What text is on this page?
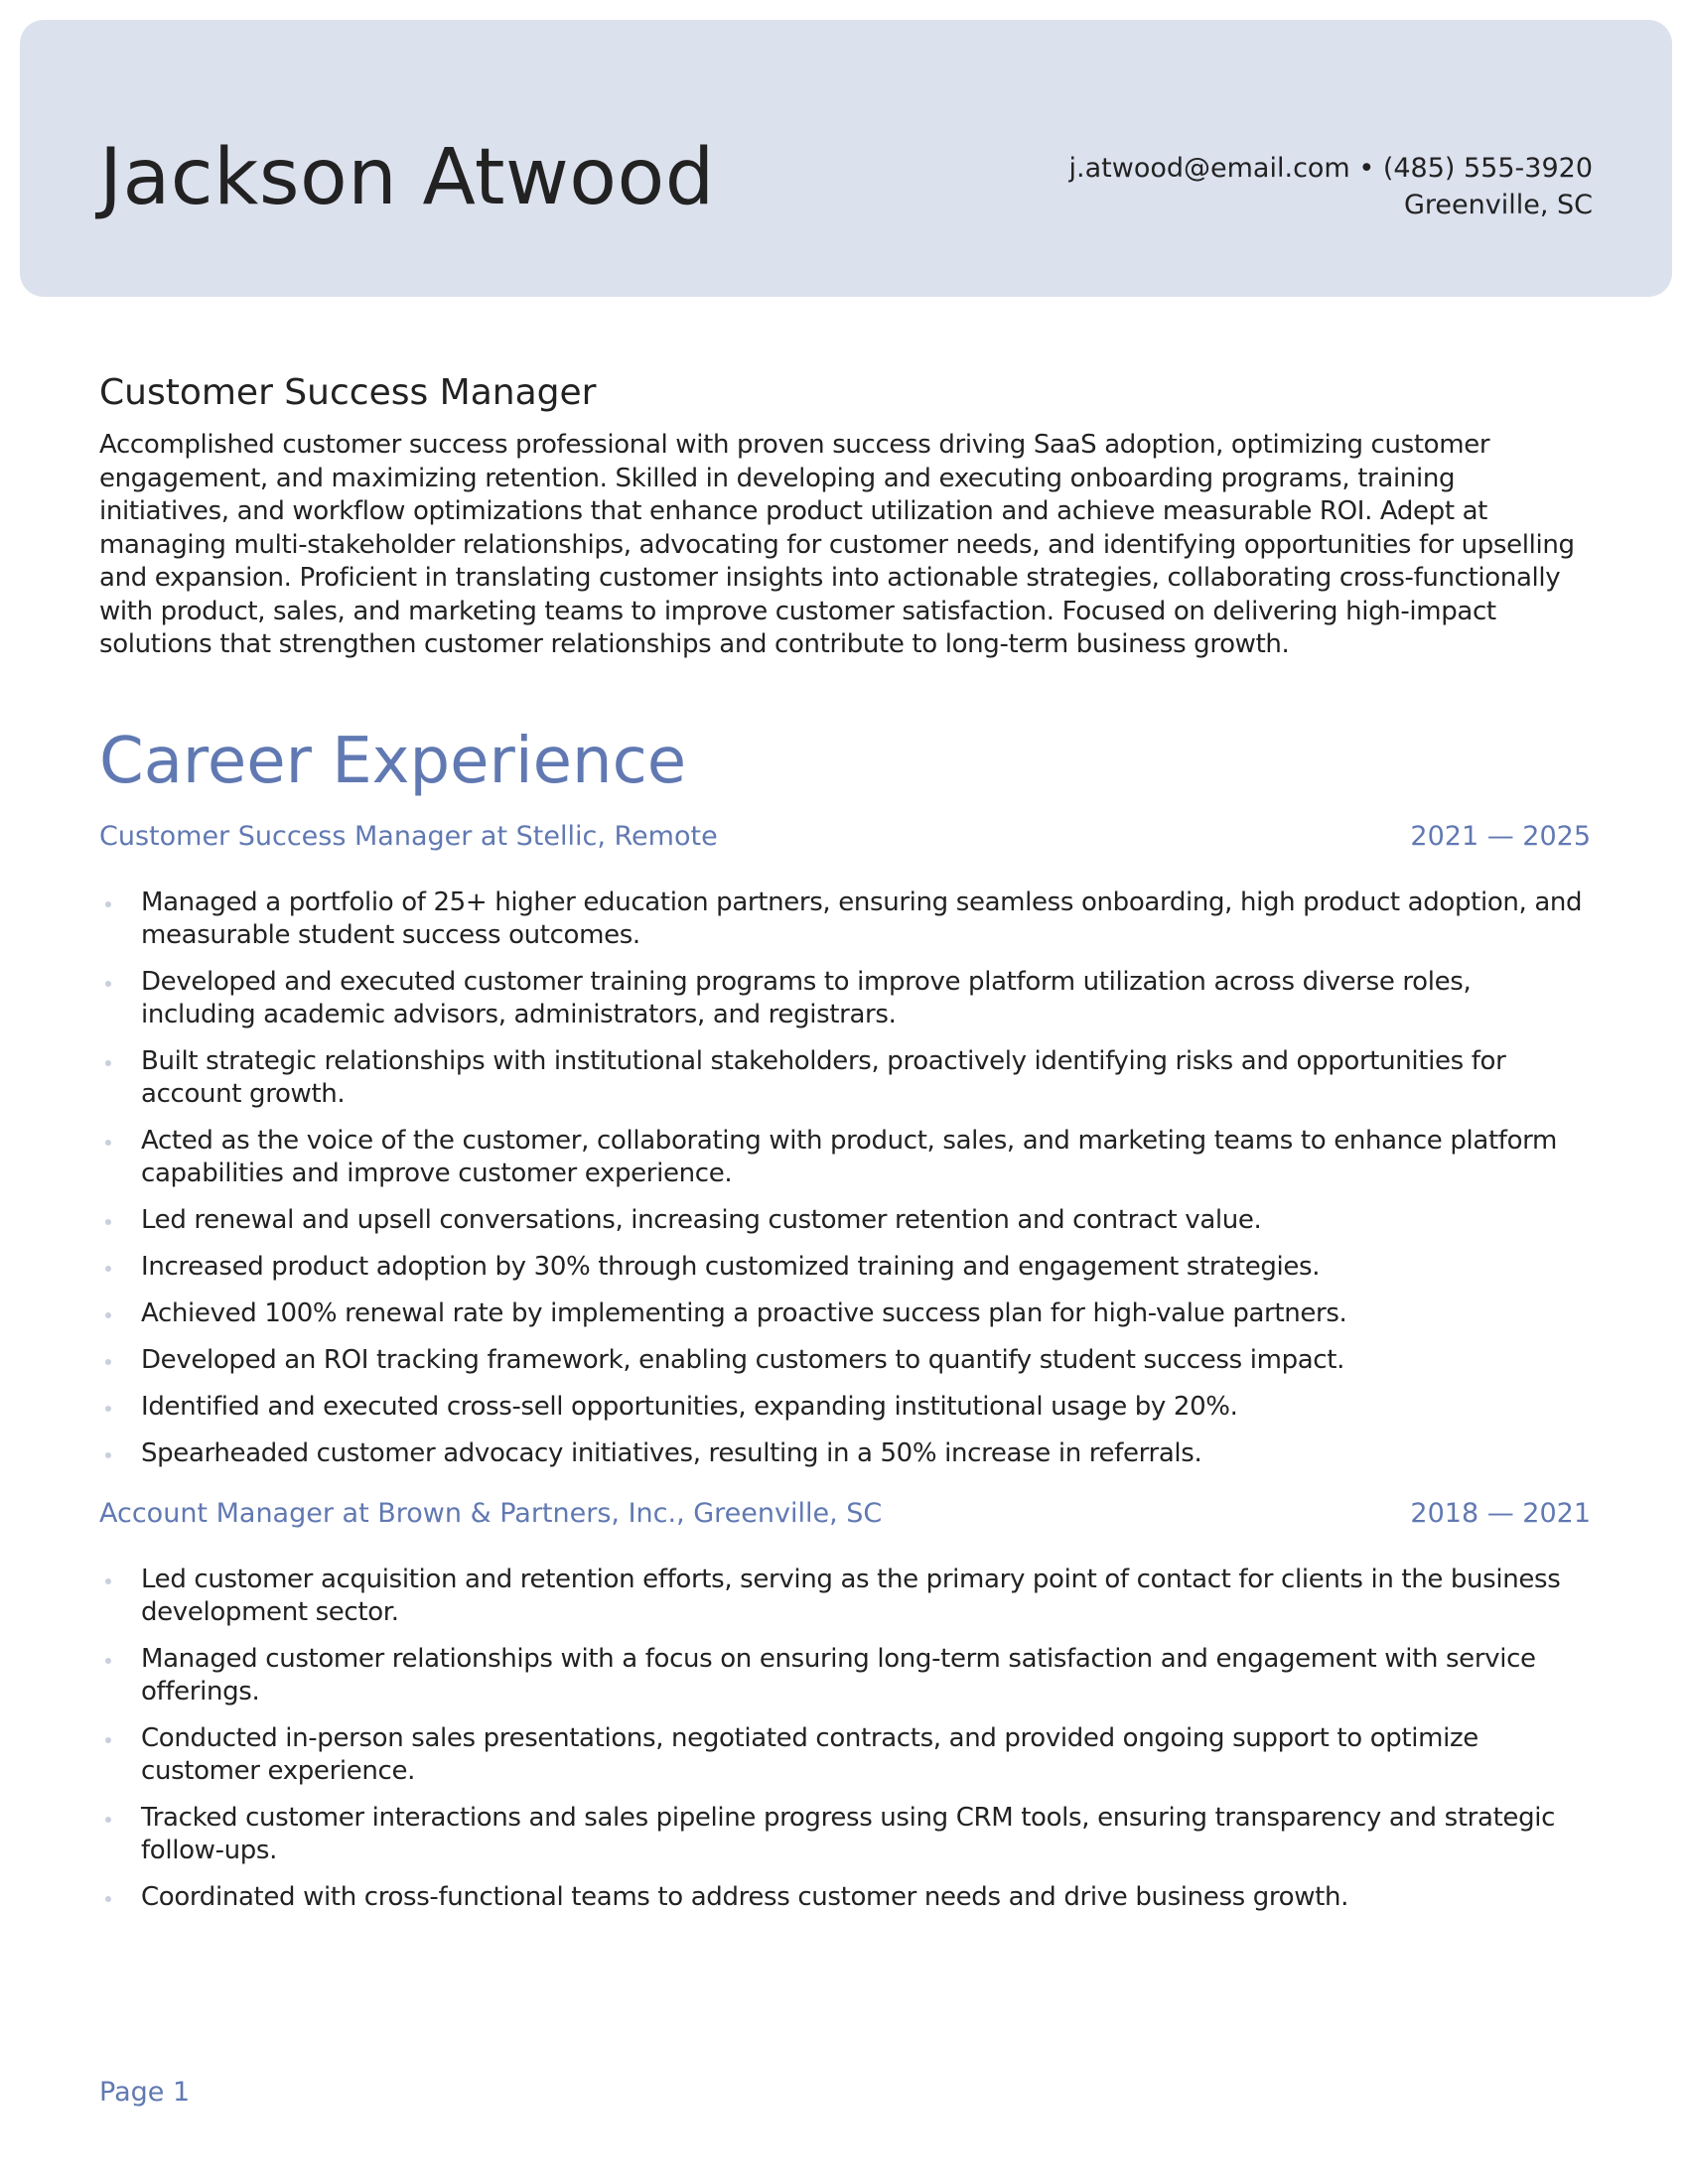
Jackson Atwood	j.atwood@email.com • (485) 555-3920
Greenville, SC
Customer Success Manager

Accomplished customer success professional with proven success driving SaaS adoption, optimizing customer engagement, and maximizing retention. Skilled in developing and executing onboarding programs, training initiatives, and workflow optimizations that enhance product utilization and achieve measurable ROI. Adept at managing multi-stakeholder relationships, advocating for customer needs, and identifying opportunities for upselling and expansion. Proficient in translating customer insights into actionable strategies, collaborating cross-functionally with product, sales, and marketing teams to improve customer satisfaction. Focused on delivering high-impact solutions that strengthen customer relationships and contribute to long-term business growth.

Career Experience
Customer Success Manager at Stellic, Remote	2021 — 2025
Managed a portfolio of 25+ higher education partners, ensuring seamless onboarding, high product adoption, and measurable student success outcomes.
Developed and executed customer training programs to improve platform utilization across diverse roles, including academic advisors, administrators, and registrars.
Built strategic relationships with institutional stakeholders, proactively identifying risks and opportunities for account growth.
Acted as the voice of the customer, collaborating with product, sales, and marketing teams to enhance platform capabilities and improve customer experience.
Led renewal and upsell conversations, increasing customer retention and contract value.
Increased product adoption by 30% through customized training and engagement strategies.
Achieved 100% renewal rate by implementing a proactive success plan for high-value partners.
Developed an ROI tracking framework, enabling customers to quantify student success impact.
Identified and executed cross-sell opportunities, expanding institutional usage by 20%.
Spearheaded customer advocacy initiatives, resulting in a 50% increase in referrals.
Account Manager at Brown & Partners, Inc., Greenville, SC	2018 — 2021
Led customer acquisition and retention efforts, serving as the primary point of contact for clients in the business development sector.
Managed customer relationships with a focus on ensuring long-term satisfaction and engagement with service offerings.
Conducted in-person sales presentations, negotiated contracts, and provided ongoing support to optimize customer experience.
Tracked customer interactions and sales pipeline progress using CRM tools, ensuring transparency and strategic follow-ups.
Coordinated with cross-functional teams to address customer needs and drive business growth.
Page 1
